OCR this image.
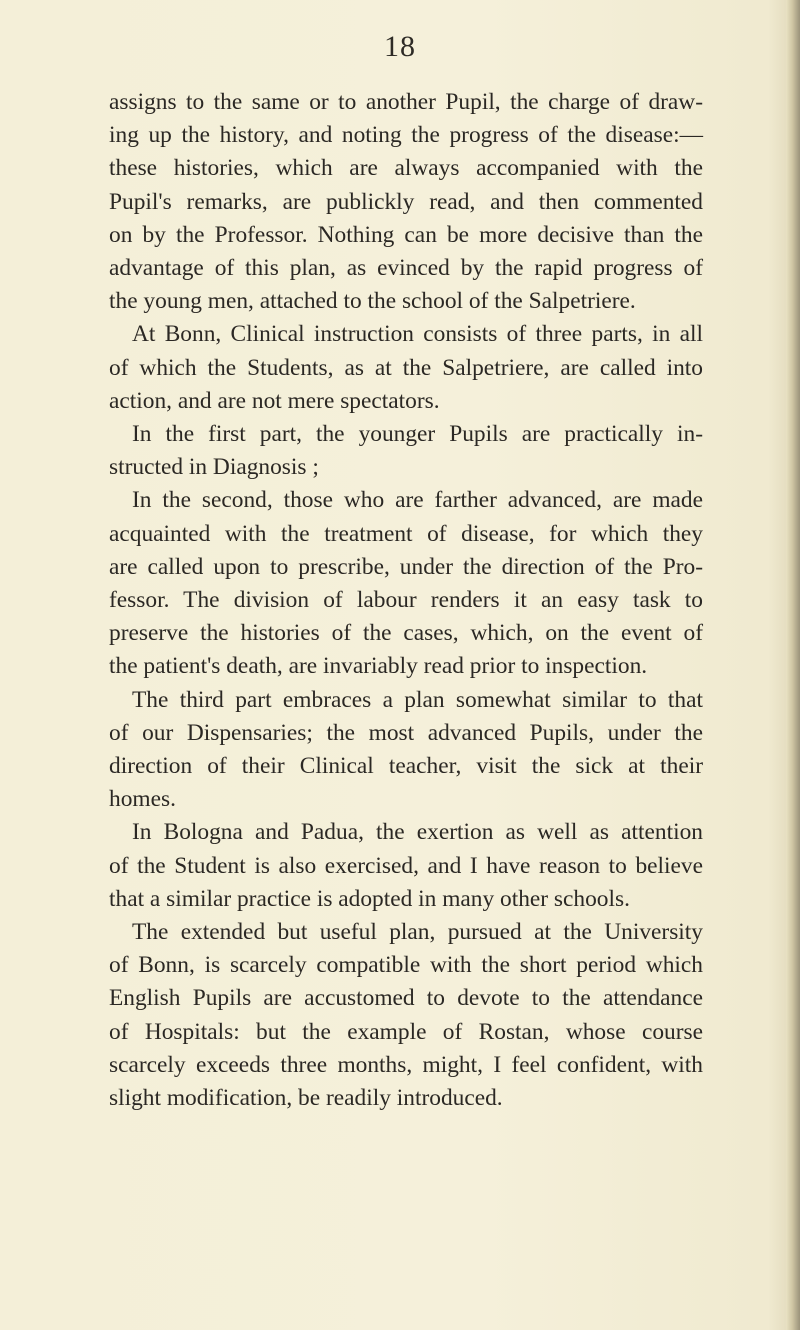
18
assigns to the same or to another Pupil, the charge of draw-
ing up the history, and noting the progress of the disease:—
these histories, which are always accompanied with the
Pupil's remarks, are publickly read, and then commented
on by the Professor. Nothing can be more decisive than the
advantage of this plan, as evinced by the rapid progress of
the young men, attached to the school of the Salpetriere.
At Bonn, Clinical instruction consists of three parts, in all
of which the Students, as at the Salpetriere, are called into
action, and are not mere spectators.
In the first part, the younger Pupils are practically in-
structed in Diagnosis ;
In the second, those who are farther advanced, are made
acquainted with the treatment of disease, for which they
are called upon to prescribe, under the direction of the Pro-
fessor. The division of labour renders it an easy task to
preserve the histories of the cases, which, on the event of
the patient's death, are invariably read prior to inspection.
The third part embraces a plan somewhat similar to that
of our Dispensaries; the most advanced Pupils, under the
direction of their Clinical teacher, visit the sick at their
homes.
In Bologna and Padua, the exertion as well as attention
of the Student is also exercised, and I have reason to believe
that a similar practice is adopted in many other schools.
The extended but useful plan, pursued at the University
of Bonn, is scarcely compatible with the short period which
English Pupils are accustomed to devote to the attendance
of Hospitals: but the example of Rostan, whose course
scarcely exceeds three months, might, I feel confident, with
slight modification, be readily introduced.
